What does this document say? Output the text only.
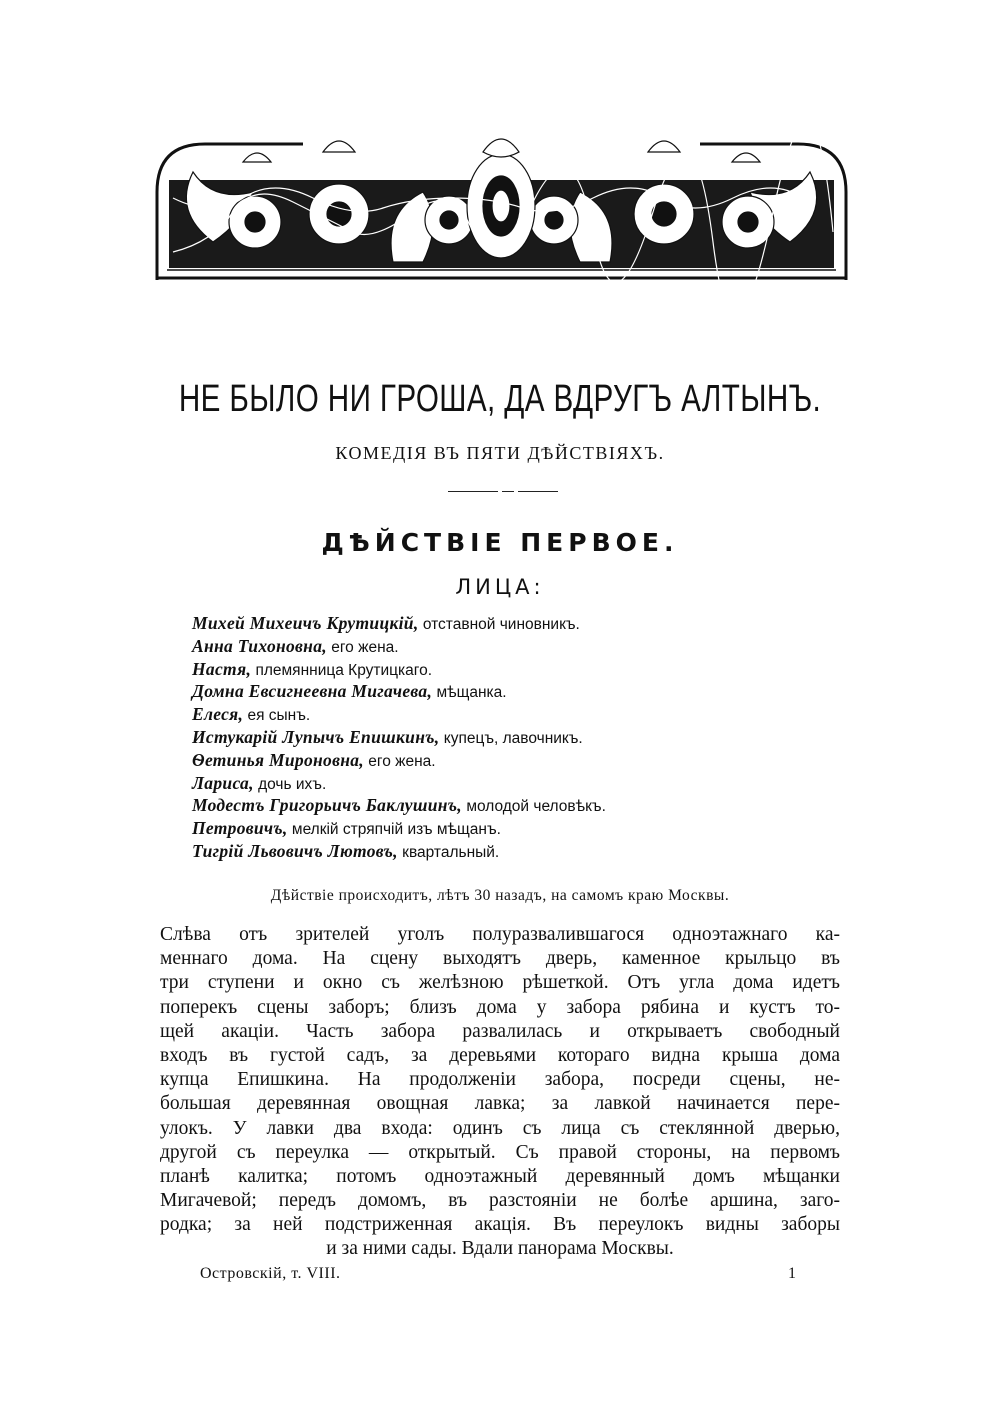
НЕ БЫЛО НИ ГРОША, ДА ВДРУГЪ АЛТЫНЪ.
КОМЕДІЯ ВЪ ПЯТИ ДѢЙСТВІЯХЪ.
ДѢЙСТВІЕ ПЕРВОЕ.
ЛИЦА:
Михей Михеичъ Крутицкій, отставной чиновникъ.
Анна Тихоновна, его жена.
Настя, племянница Крутицкаго.
Домна Евсигнеевна Мигачева, мѣщанка.
Елеся, ея сынъ.
Истукарій Лупычъ Епишкинъ, купецъ, лавочникъ.
Ѳетинья Мироновна, его жена.
Лариса, дочь ихъ.
Модестъ Григорьичъ Баклушинъ, молодой человѣкъ.
Петровичъ, мелкій стряпчій изъ мѣщанъ.
Тигрій Львовичъ Лютовъ, квартальный.
Дѣйствіе происходитъ, лѣтъ 30 назадъ, на самомъ краю Москвы.
Слѣва отъ зрителей уголъ полуразвалившагося одноэтажнаго ка-
меннаго дома. На сцену выходятъ дверь, каменное крыльцо въ
три ступени и окно съ желѣзною рѣшеткой. Отъ угла дома идетъ
поперекъ сцены заборъ; близъ дома у забора рябина и кустъ то-
щей акаціи. Часть забора развалилась и открываетъ свободный
входъ въ густой садъ, за деревьями котораго видна крыша дома
купца Епишкина. На продолженіи забора, посреди сцены, не-
большая деревянная овощная лавка; за лавкой начинается пере-
улокъ. У лавки два входа: одинъ съ лица съ стеклянной дверью,
другой съ переулка — открытый. Съ правой стороны, на первомъ
планѣ калитка; потомъ одноэтажный деревянный домъ мѣщанки
Мигачевой; передъ домомъ, въ разстояніи не болѣе аршина, заго-
родка; за ней подстриженная акація. Въ переулокъ видны заборы
и за ними сады. Вдали панорама Москвы.
Островскій, т. VIII.	1
